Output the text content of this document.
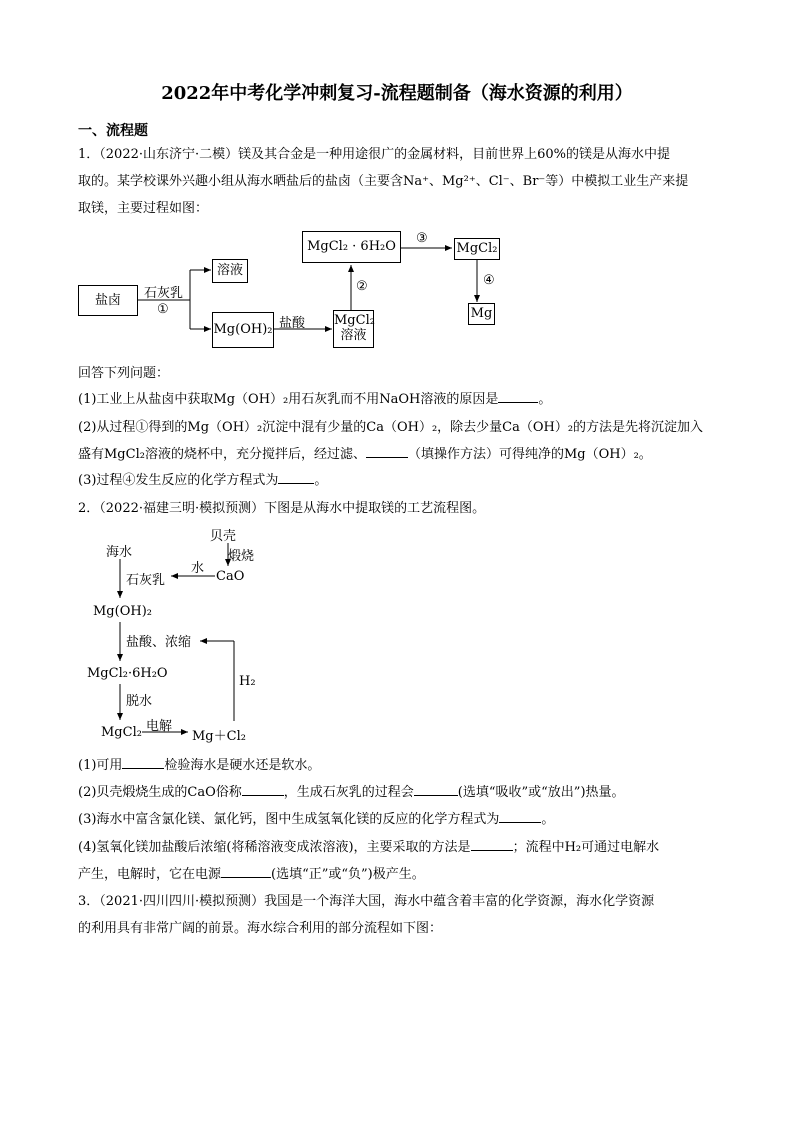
2022年中考化学冲刺复习-流程题制备（海水资源的利用）
一、流程题
1．（2022·山东济宁·二模）镁及其合金是一种用途很广的金属材料，目前世界上60%的镁是从海水中提
取的。某学校课外兴趣小组从海水晒盐后的盐卤（主要含Na⁺、Mg²⁺、Cl⁻、Br⁻等）中模拟工业生产来提
取镁，主要过程如图：
盐卤
溶液
Mg(OH)₂
MgCl₂
溶液
MgCl₂ · 6H₂O	MgCl₂
Mg
石灰乳
①
盐酸
②
③
④
回答下列问题：
(1)工业上从盐卤中获取Mg（OH）₂用石灰乳而不用NaOH溶液的原因是	。
(2)从过程①得到的Mg（OH）₂沉淀中混有少量的Ca（OH）₂，除去少量Ca（OH）₂的方法是先将沉淀加入
盛有MgCl₂溶液的烧杯中，充分搅拌后，经过滤、	（填操作方法）可得纯净的Mg（OH）₂。
(3)过程④发生反应的化学方程式为	。
2．（2022·福建三明·模拟预测）下图是从海水中提取镁的工艺流程图。
贝壳
煅烧
海水
水
CaO
石灰乳
Mg(OH)₂
盐酸、浓缩
MgCl₂·6H₂O
H₂
脱水
电解
MgCl₂	Mg＋Cl₂
(1)可用	检验海水是硬水还是软水。
(2)贝壳煅烧生成的CaO俗称	，生成石灰乳的过程会	(选填“吸收”或“放出”)热量。
(3)海水中富含氯化镁、氯化钙，图中生成氢氧化镁的反应的化学方程式为	。
(4)氢氧化镁加盐酸后浓缩(将稀溶液变成浓溶液)，主要采取的方法是	；流程中H₂可通过电解水
产生，电解时，它在电源	(选填“正”或“负”)极产生。
3．（2021·四川四川·模拟预测）我国是一个海洋大国，海水中蕴含着丰富的化学资源，海水化学资源
的利用具有非常广阔的前景。海水综合利用的部分流程如下图：
